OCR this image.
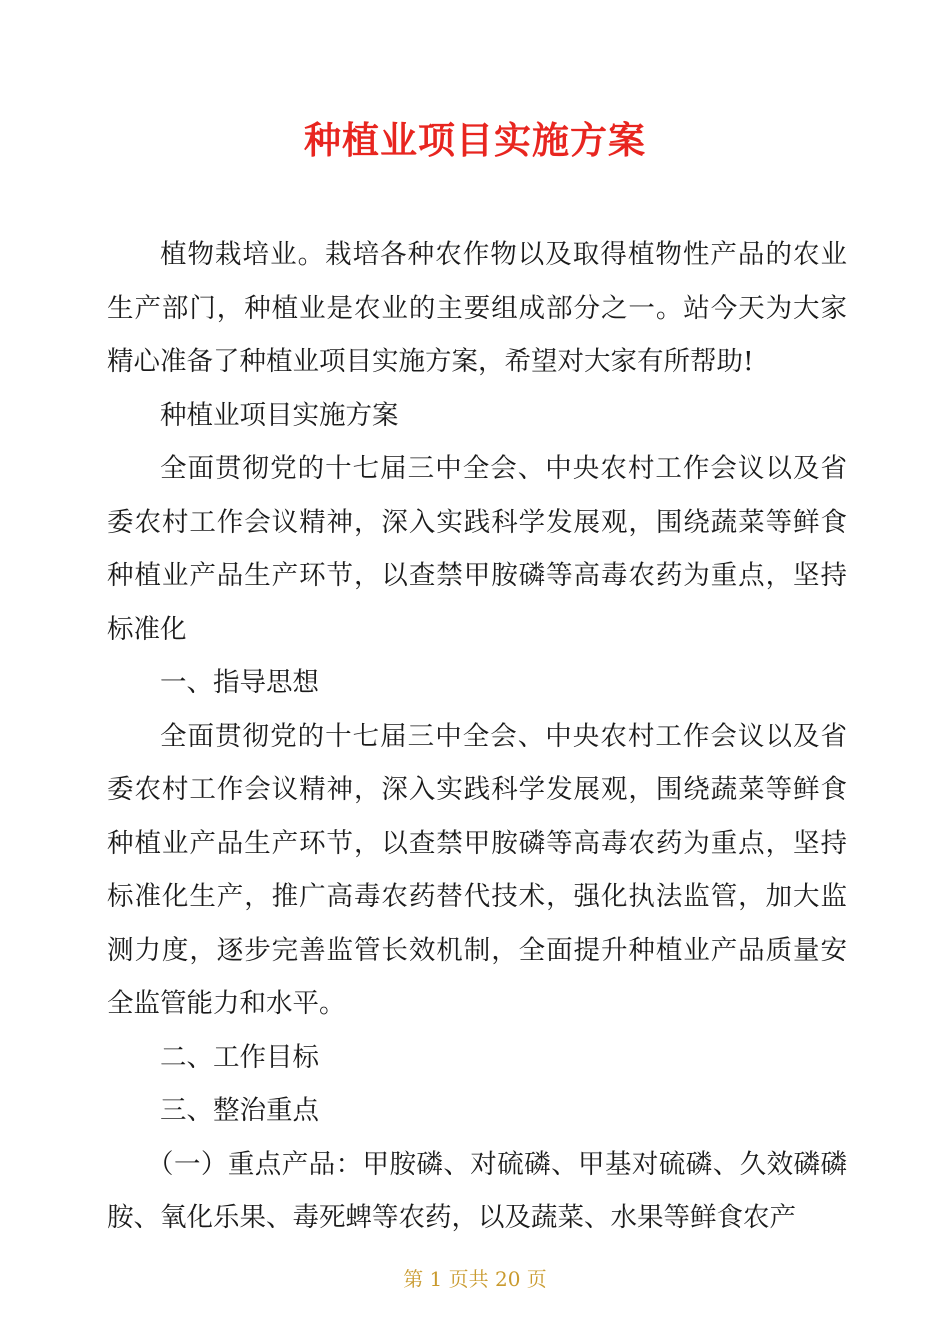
种植业项目实施方案

植物栽培业。栽培各种农作物以及取得植物性产品的农业生产部门，种植业是农业的主要组成部分之一。站今天为大家精心准备了种植业项目实施方案，希望对大家有所帮助!

种植业项目实施方案

全面贯彻党的十七届三中全会、中央农村工作会议以及省委农村工作会议精神，深入实践科学发展观，围绕蔬菜等鲜食种植业产品生产环节，以查禁甲胺磷等高毒农药为重点，坚持标准化

一、指导思想

全面贯彻党的十七届三中全会、中央农村工作会议以及省委农村工作会议精神，深入实践科学发展观，围绕蔬菜等鲜食种植业产品生产环节，以查禁甲胺磷等高毒农药为重点，坚持标准化生产，推广高毒农药替代技术，强化执法监管，加大监测力度，逐步完善监管长效机制，全面提升种植业产品质量安全监管能力和水平。

二、工作目标

三、整治重点

（一）重点产品：甲胺磷、对硫磷、甲基对硫磷、久效磷磷胺、氧化乐果、毒死蜱等农药，以及蔬菜、水果等鲜食农产

第 1 页共 20 页
